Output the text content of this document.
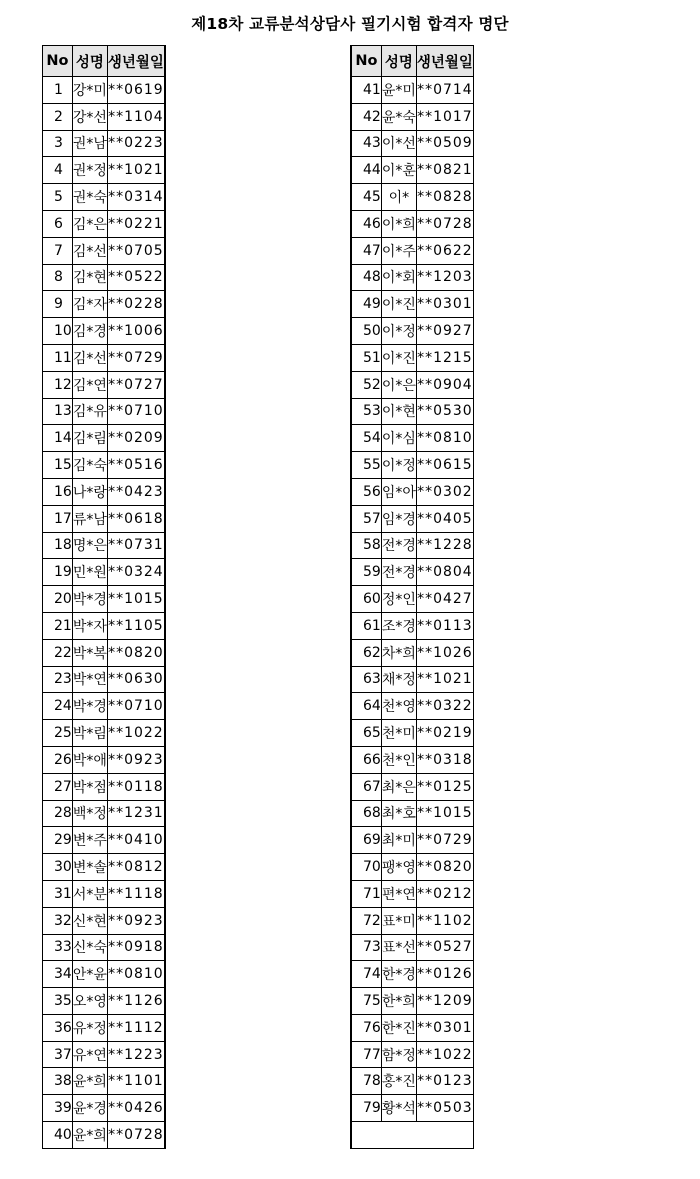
제18차 교류분석상담사 필기시험 합격자 명단
No	성명	생년월일
1	강*미	**0619
2	강*선	**1104
3	권*남	**0223
4	권*정	**1021
5	권*숙	**0314
6	김*은	**0221
7	김*선	**0705
8	김*현	**0522
9	김*자	**0228
10	김*경	**1006
11	김*선	**0729
12	김*연	**0727
13	김*유	**0710
14	김*림	**0209
15	김*숙	**0516
16	나*랑	**0423
17	류*남	**0618
18	명*은	**0731
19	민*원	**0324
20	박*경	**1015
21	박*자	**1105
22	박*복	**0820
23	박*연	**0630
24	박*경	**0710
25	박*림	**1022
26	박*애	**0923
27	박*점	**0118
28	백*정	**1231
29	변*주	**0410
30	변*솔	**0812
31	서*분	**1118
32	신*현	**0923
33	신*숙	**0918
34	안*윤	**0810
35	오*영	**1126
36	유*정	**1112
37	유*연	**1223
38	윤*희	**1101
39	윤*경	**0426
40	윤*희	**0728
No	성명	생년월일
41	윤*미	**0714
42	윤*숙	**1017
43	이*선	**0509
44	이*훈	**0821
45	이*	**0828
46	이*희	**0728
47	이*주	**0622
48	이*회	**1203
49	이*진	**0301
50	이*정	**0927
51	이*진	**1215
52	이*은	**0904
53	이*현	**0530
54	이*심	**0810
55	이*정	**0615
56	임*아	**0302
57	임*경	**0405
58	전*경	**1228
59	전*경	**0804
60	정*인	**0427
61	조*경	**0113
62	차*희	**1026
63	채*정	**1021
64	천*영	**0322
65	천*미	**0219
66	천*인	**0318
67	최*은	**0125
68	최*호	**1015
69	최*미	**0729
70	팽*영	**0820
71	편*연	**0212
72	표*미	**1102
73	표*선	**0527
74	한*경	**0126
75	한*희	**1209
76	한*진	**0301
77	함*정	**1022
78	홍*진	**0123
79	황*석	**0503
